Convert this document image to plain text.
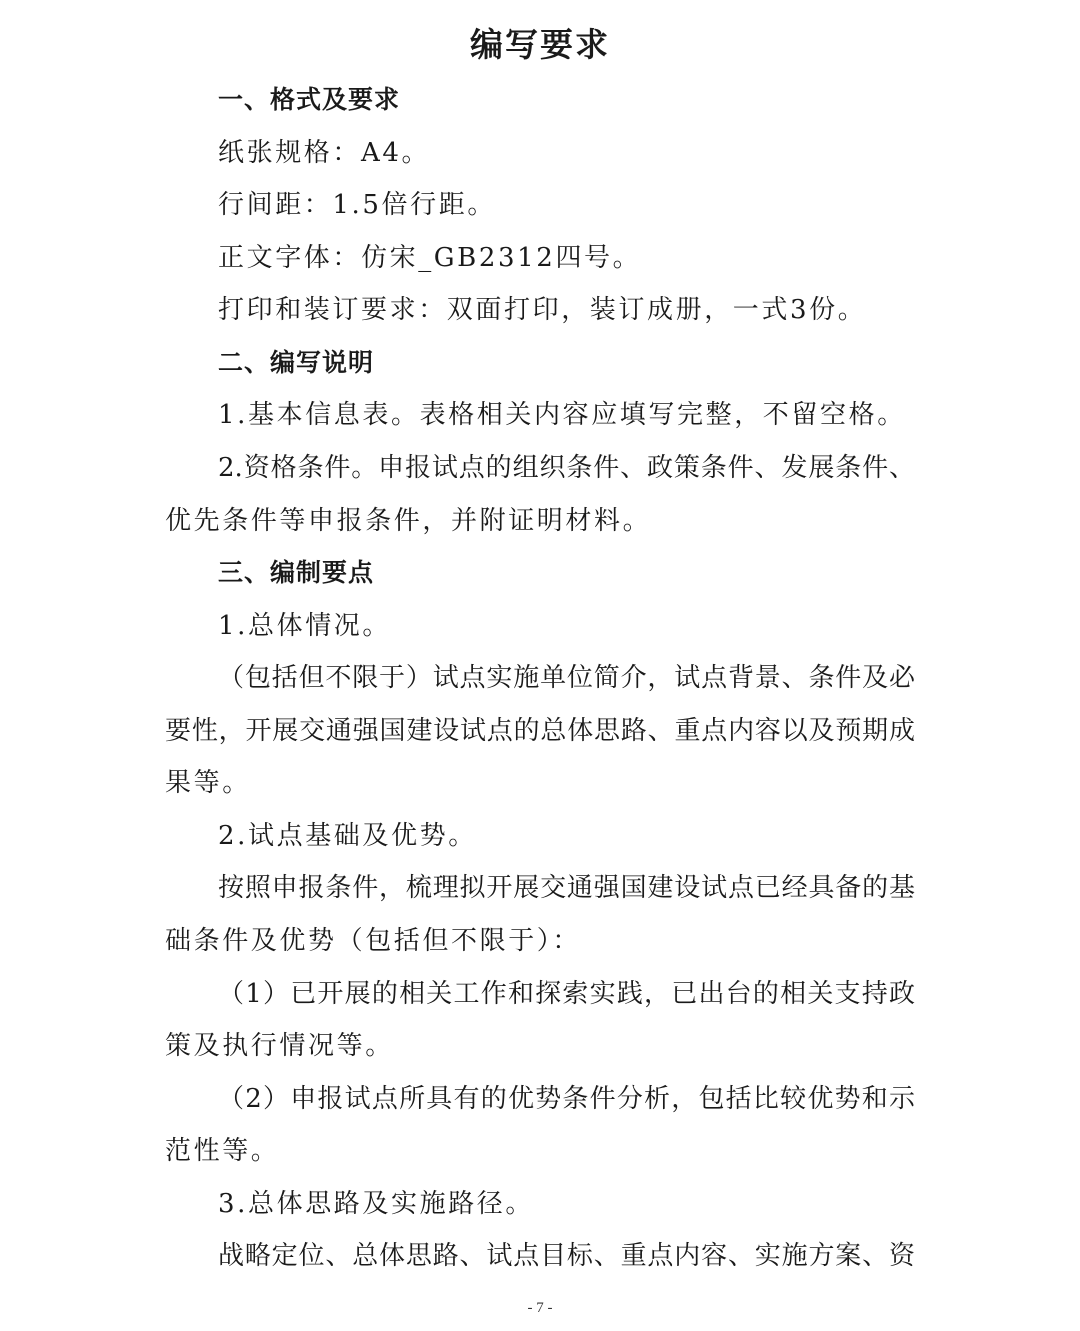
编写要求
一、格式及要求
纸张规格：A4。
行间距：1.5倍行距。
正文字体：仿宋_GB2312四号。
打印和装订要求：双面打印，装订成册，一式3份。
二、编写说明
1.基本信息表。表格相关内容应填写完整，不留空格。
2.资格条件。申报试点的组织条件、政策条件、发展条件、
优先条件等申报条件，并附证明材料。
三、编制要点
1.总体情况。
（包括但不限于）试点实施单位简介，试点背景、条件及必
要性，开展交通强国建设试点的总体思路、重点内容以及预期成
果等。
2.试点基础及优势。
按照申报条件，梳理拟开展交通强国建设试点已经具备的基
础条件及优势（包括但不限于）：
（1）已开展的相关工作和探索实践，已出台的相关支持政
策及执行情况等。
（2）申报试点所具有的优势条件分析，包括比较优势和示
范性等。
3.总体思路及实施路径。
战略定位、总体思路、试点目标、重点内容、实施方案、资
- 7 -
